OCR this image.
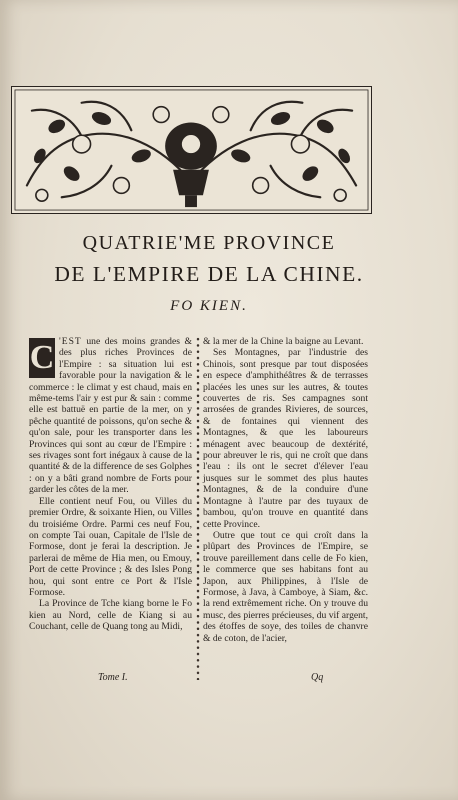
QUATRIE'ME PROVINCE
DE L'EMPIRE DE LA CHINE.
FO KIEN.
C 'EST une des moins grandes & des plus riches Provinces de l'Empire : sa situation lui est favorable pour la navigation & le commerce : le climat y est chaud, mais en même-tems l'air y est pur & sain : comme elle est battuë en partie de la mer, on y pêche quantité de poissons, qu'on seche & qu'on sale, pour les transporter dans les Provinces qui sont au cœur de l'Empire : ses rivages sont fort inégaux à cause de la quantité & de la difference de ses Golphes : on y a bâti grand nombre de Forts pour garder les côtes de la mer.

Elle contient neuf Fou, ou Villes du premier Ordre, & soixante Hien, ou Villes du troisiéme Ordre. Parmi ces neuf Fou, on compte Tai ouan, Capitale de l'Isle de Formose, dont je ferai la description. Je parlerai de même de Hia men, ou Emouy, Port de cette Province ; & des Isles Pong hou, qui sont entre ce Port & l'Isle Formose.

La Province de Tche kiang borne le Fo kien au Nord, celle de Kiang si au Couchant, celle de Quang tong au Midi,

& la mer de la Chine la baigne au Levant.

Ses Montagnes, par l'industrie des Chinois, sont presque par tout disposées en espece d'amphithéâtres & de terrasses placées les unes sur les autres, & toutes couvertes de ris. Ses campagnes sont arrosées de grandes Rivieres, de sources, & de fontaines qui viennent des Montagnes, & que les laboureurs ménagent avec beaucoup de dextérité, pour abreuver le ris, qui ne croît que dans l'eau : ils ont le secret d'élever l'eau jusques sur le sommet des plus hautes Montagnes, & de la conduire d'une Montagne à l'autre par des tuyaux de bambou, qu'on trouve en quantité dans cette Province.

Outre que tout ce qui croît dans la plûpart des Provinces de l'Empire, se trouve pareillement dans celle de Fo kien, le commerce que ses habitans font au Japon, aux Philippines, à l'Isle de Formose, à Java, à Camboye, à Siam, &c. la rend extrêmement riche. On y trouve du musc, des pierres précieuses, du vif argent, des étoffes de soye, des toiles de chanvre & de coton, de l'acier,

Tome I.	Qq
